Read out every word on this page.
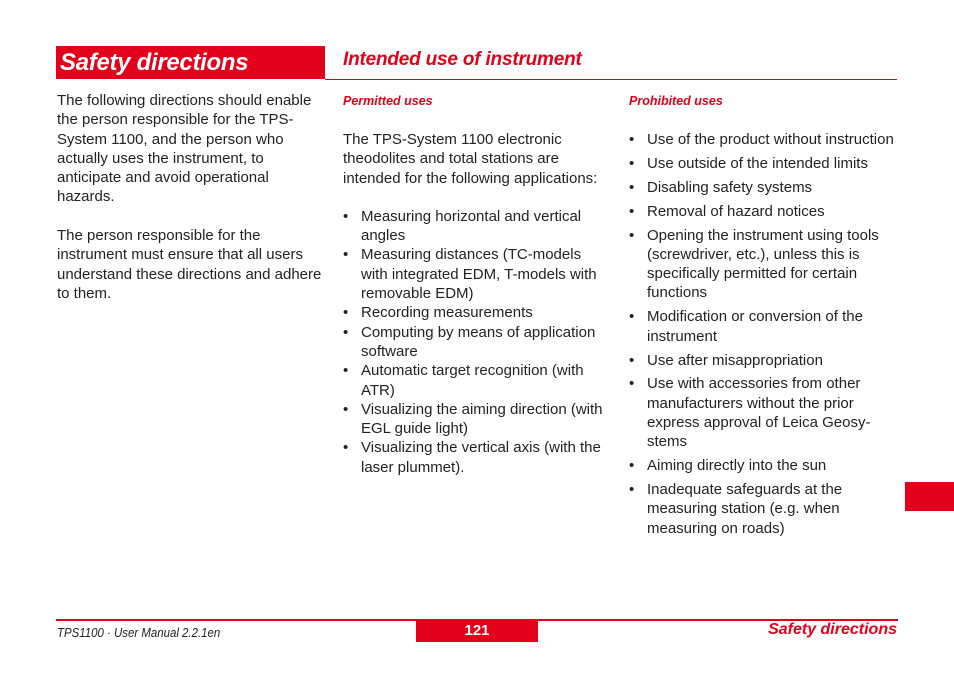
Safety directions	Intended use of instrument

The following directions should enable the person responsible for the TPS-System 1100, and the person who actually uses the instrument, to anticipate and avoid operational hazards.

The person responsible for the instrument must ensure that all users understand these directions and adhere to them.

Permitted uses

The TPS-System 1100 electronic theodolites and total stations are intended for the following applications:

• Measuring horizontal and vertical angles
• Measuring distances (TC-models with integrated EDM, T-models with removable EDM)
• Recording measurements
• Computing by means of application software
• Automatic target recognition (with ATR)
• Visualizing the aiming direction (with EGL guide light)
• Visualizing the vertical axis (with the laser plummet).
Prohibited uses
• Use of the product without instruction
• Use outside of the intended limits
• Disabling safety systems
• Removal of hazard notices
• Opening the instrument using tools (screwdriver, etc.), unless this is specifically permitted for certain functions
• Modification or conversion of the instrument
• Use after misappropriation
• Use with accessories from other manufacturers without the prior express approval of Leica Geosy-stems
• Aiming directly into the sun
• Inadequate safeguards at the measuring station (e.g. when measuring on roads)
TPS1100 · User Manual 2.2.1en	121	Safety directions
